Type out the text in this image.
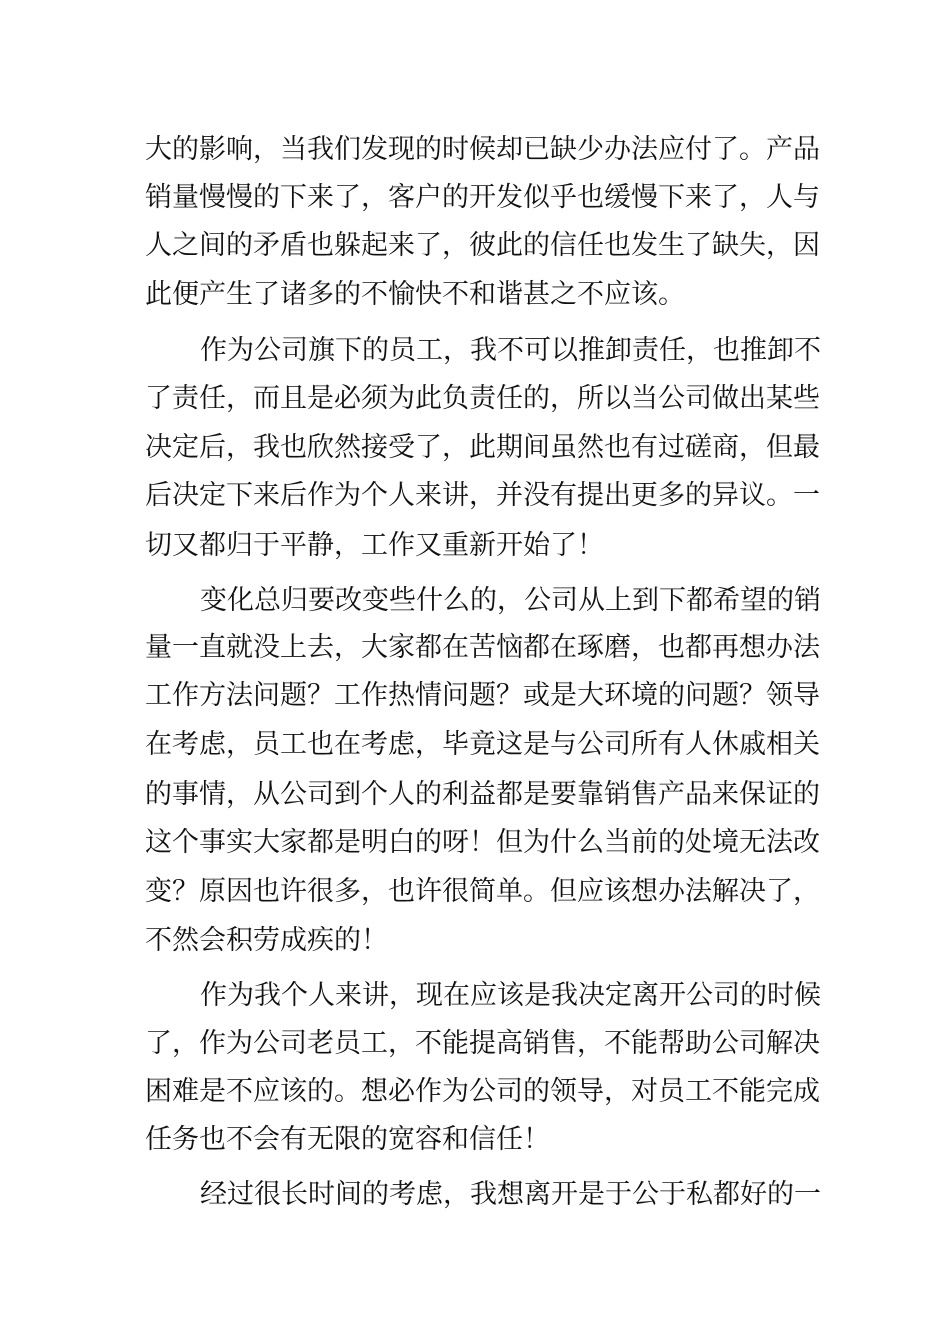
大的影响，当我们发现的时候却已缺少办法应付了。产品
销量慢慢的下来了，客户的开发似乎也缓慢下来了，人与
人之间的矛盾也躲起来了，彼此的信任也发生了缺失，因
此便产生了诸多的不愉快不和谐甚之不应该。
作为公司旗下的员工，我不可以推卸责任，也推卸不
了责任，而且是必须为此负责任的，所以当公司做出某些
决定后，我也欣然接受了，此期间虽然也有过磋商，但最
后决定下来后作为个人来讲，并没有提出更多的异议。一
切又都归于平静，工作又重新开始了！
变化总归要改变些什么的，公司从上到下都希望的销
量一直就没上去，大家都在苦恼都在琢磨，也都再想办法
工作方法问题？工作热情问题？或是大环境的问题？领导
在考虑，员工也在考虑，毕竟这是与公司所有人休戚相关
的事情，从公司到个人的利益都是要靠销售产品来保证的
这个事实大家都是明白的呀！但为什么当前的处境无法改
变？原因也许很多，也许很简单。但应该想办法解决了，
不然会积劳成疾的！
作为我个人来讲，现在应该是我决定离开公司的时候
了，作为公司老员工，不能提高销售，不能帮助公司解决
困难是不应该的。想必作为公司的领导，对员工不能完成
任务也不会有无限的宽容和信任！
经过很长时间的考虑，我想离开是于公于私都好的一
